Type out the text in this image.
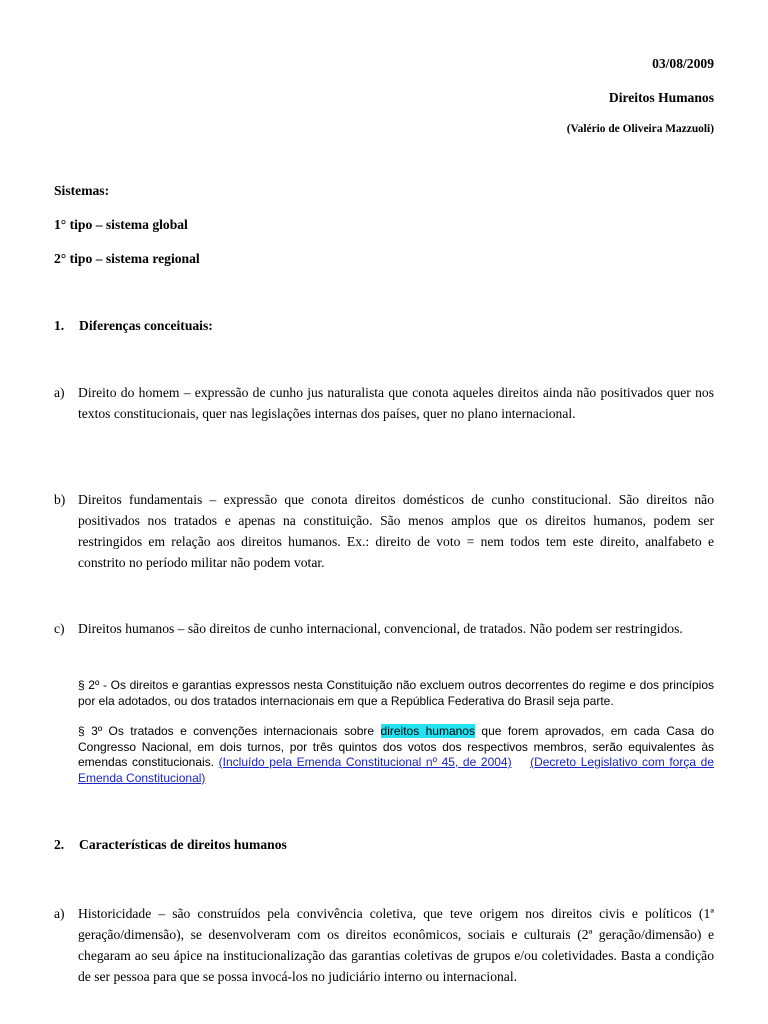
03/08/2009
Direitos Humanos
(Valério de Oliveira Mazzuoli)
Sistemas:
1° tipo – sistema global
2° tipo – sistema regional
1. Diferenças conceituais:
a) Direito do homem – expressão de cunho jus naturalista que conota aqueles direitos ainda não positivados quer nos textos constitucionais, quer nas legislações internas dos países, quer no plano internacional.
b) Direitos fundamentais – expressão que conota direitos domésticos de cunho constitucional. São direitos não positivados nos tratados e apenas na constituição. São menos amplos que os direitos humanos, podem ser restringidos em relação aos direitos humanos. Ex.: direito de voto = nem todos tem este direito, analfabeto e constrito no período militar não podem votar.
c) Direitos humanos – são direitos de cunho internacional, convencional, de tratados. Não podem ser restringidos.
§ 2º - Os direitos e garantias expressos nesta Constituição não excluem outros decorrentes do regime e dos princípios por ela adotados, ou dos tratados internacionais em que a República Federativa do Brasil seja parte.
§ 3º Os tratados e convenções internacionais sobre direitos humanos que forem aprovados, em cada Casa do Congresso Nacional, em dois turnos, por três quintos dos votos dos respectivos membros, serão equivalentes às emendas constitucionais. (Incluído pela Emenda Constitucional nº 45, de 2004) (Decreto Legislativo com força de Emenda Constitucional)
2. Características de direitos humanos
a) Historicidade – são construídos pela convivência coletiva, que teve origem nos direitos civis e políticos (1ª geração/dimensão), se desenvolveram com os direitos econômicos, sociais e culturais (2ª geração/dimensão) e chegaram ao seu ápice na institucionalização das garantias coletivas de grupos e/ou coletividades. Basta a condição de ser pessoa para que se possa invocá-los no judiciário interno ou internacional.
